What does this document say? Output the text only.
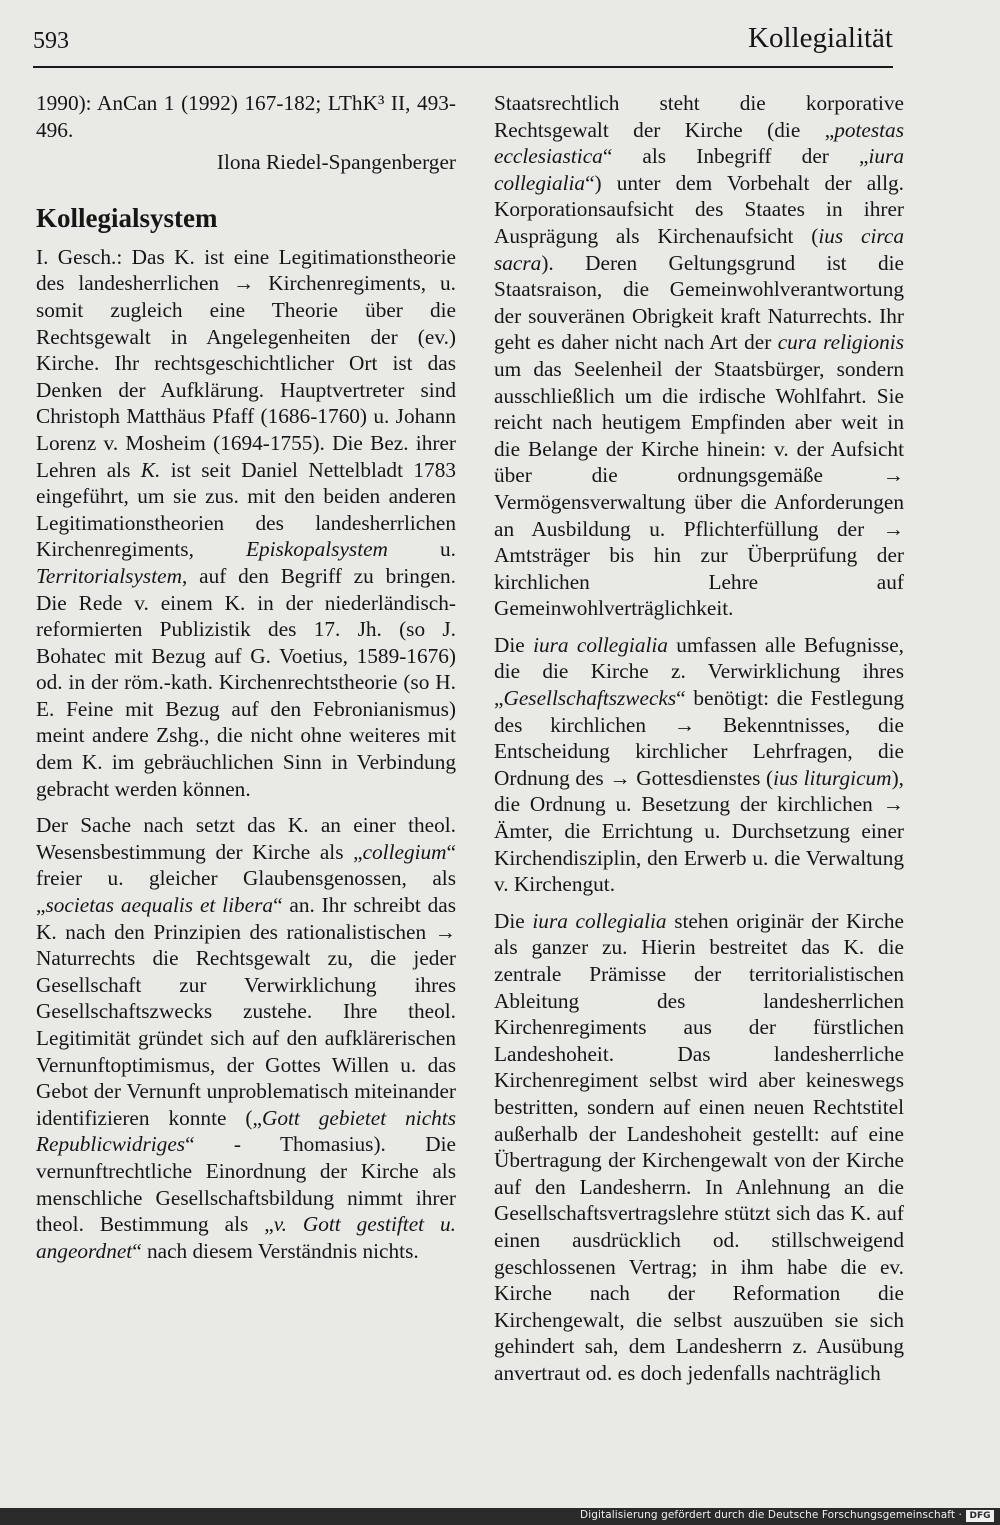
593	Kollegialität

1990): AnCan 1 (1992) 167-182; LThK³ II, 493-496.

Ilona Riedel-Spangenberger

Kollegialsystem

I. Gesch.: Das K. ist eine Legitimationstheorie des landesherrlichen → Kirchenregiments, u. somit zugleich eine Theorie über die Rechtsgewalt in Angelegenheiten der (ev.) Kirche. Ihr rechtsgeschichtlicher Ort ist das Denken der Aufklärung. Hauptvertreter sind Christoph Matthäus Pfaff (1686-1760) u. Johann Lorenz v. Mosheim (1694-1755). Die Bez. ihrer Lehren als K. ist seit Daniel Nettelbladt 1783 eingeführt, um sie zus. mit den beiden anderen Legitimationstheorien des landesherrlichen Kirchenregiments, Episkopalsystem u. Territorialsystem, auf den Begriff zu bringen. Die Rede v. einem K. in der niederländisch-reformierten Publizistik des 17. Jh. (so J. Bohatec mit Bezug auf G. Voetius, 1589-1676) od. in der röm.-kath. Kirchenrechtstheorie (so H. E. Feine mit Bezug auf den Febronianismus) meint andere Zshg., die nicht ohne weiteres mit dem K. im gebräuchlichen Sinn in Verbindung gebracht werden können.

Der Sache nach setzt das K. an einer theol. Wesensbestimmung der Kirche als „collegium“ freier u. gleicher Glaubensgenossen, als „societas aequalis et libera“ an. Ihr schreibt das K. nach den Prinzipien des rationalistischen → Naturrechts die Rechtsgewalt zu, die jeder Gesellschaft zur Verwirklichung ihres Gesellschaftszwecks zustehe. Ihre theol. Legitimität gründet sich auf den aufklärerischen Vernunftoptimismus, der Gottes Willen u. das Gebot der Vernunft unproblematisch miteinander identifizieren konnte („Gott gebietet nichts Republicwidriges“ - Thomasius). Die vernunftrechtliche Einordnung der Kirche als menschliche Gesellschaftsbildung nimmt ihrer theol. Bestimmung als „v. Gott gestiftet u. angeordnet“ nach diesem Verständnis nichts.

Staatsrechtlich steht die korporative Rechtsgewalt der Kirche (die „potestas ecclesiastica“ als Inbegriff der „iura collegialia“) unter dem Vorbehalt der allg. Korporationsaufsicht des Staates in ihrer Ausprägung als Kirchenaufsicht (ius circa sacra). Deren Geltungsgrund ist die Staatsraison, die Gemeinwohlverantwortung der souveränen Obrigkeit kraft Naturrechts. Ihr geht es daher nicht nach Art der cura religionis um das Seelenheil der Staatsbürger, sondern ausschließlich um die irdische Wohlfahrt. Sie reicht nach heutigem Empfinden aber weit in die Belange der Kirche hinein: v. der Aufsicht über die ordnungsgemäße → Vermögensverwaltung über die Anforderungen an Ausbildung u. Pflichterfüllung der → Amtsträger bis hin zur Überprüfung der kirchlichen Lehre auf Gemeinwohlverträglichkeit.

Die iura collegialia umfassen alle Befugnisse, die die Kirche z. Verwirklichung ihres „Gesellschaftszwecks“ benötigt: die Festlegung des kirchlichen → Bekenntnisses, die Entscheidung kirchlicher Lehrfragen, die Ordnung des → Gottesdienstes (ius liturgicum), die Ordnung u. Besetzung der kirchlichen → Ämter, die Errichtung u. Durchsetzung einer Kirchendisziplin, den Erwerb u. die Verwaltung v. Kirchengut.

Die iura collegialia stehen originär der Kirche als ganzer zu. Hierin bestreitet das K. die zentrale Prämisse der territorialistischen Ableitung des landesherrlichen Kirchenregiments aus der fürstlichen Landeshoheit. Das landesherrliche Kirchenregiment selbst wird aber keineswegs bestritten, sondern auf einen neuen Rechtstitel außerhalb der Landeshoheit gestellt: auf eine Übertragung der Kirchengewalt von der Kirche auf den Landesherrn. In Anlehnung an die Gesellschaftsvertragslehre stützt sich das K. auf einen ausdrücklich od. stillschweigend geschlossenen Vertrag; in ihm habe die ev. Kirche nach der Reformation die Kirchengewalt, die selbst auszuüben sie sich gehindert sah, dem Landesherrn z. Ausübung anvertraut od. es doch jedenfalls nachträglich

Digitalisierung gefördert durch die Deutsche Forschungsgemeinschaft · DFG
